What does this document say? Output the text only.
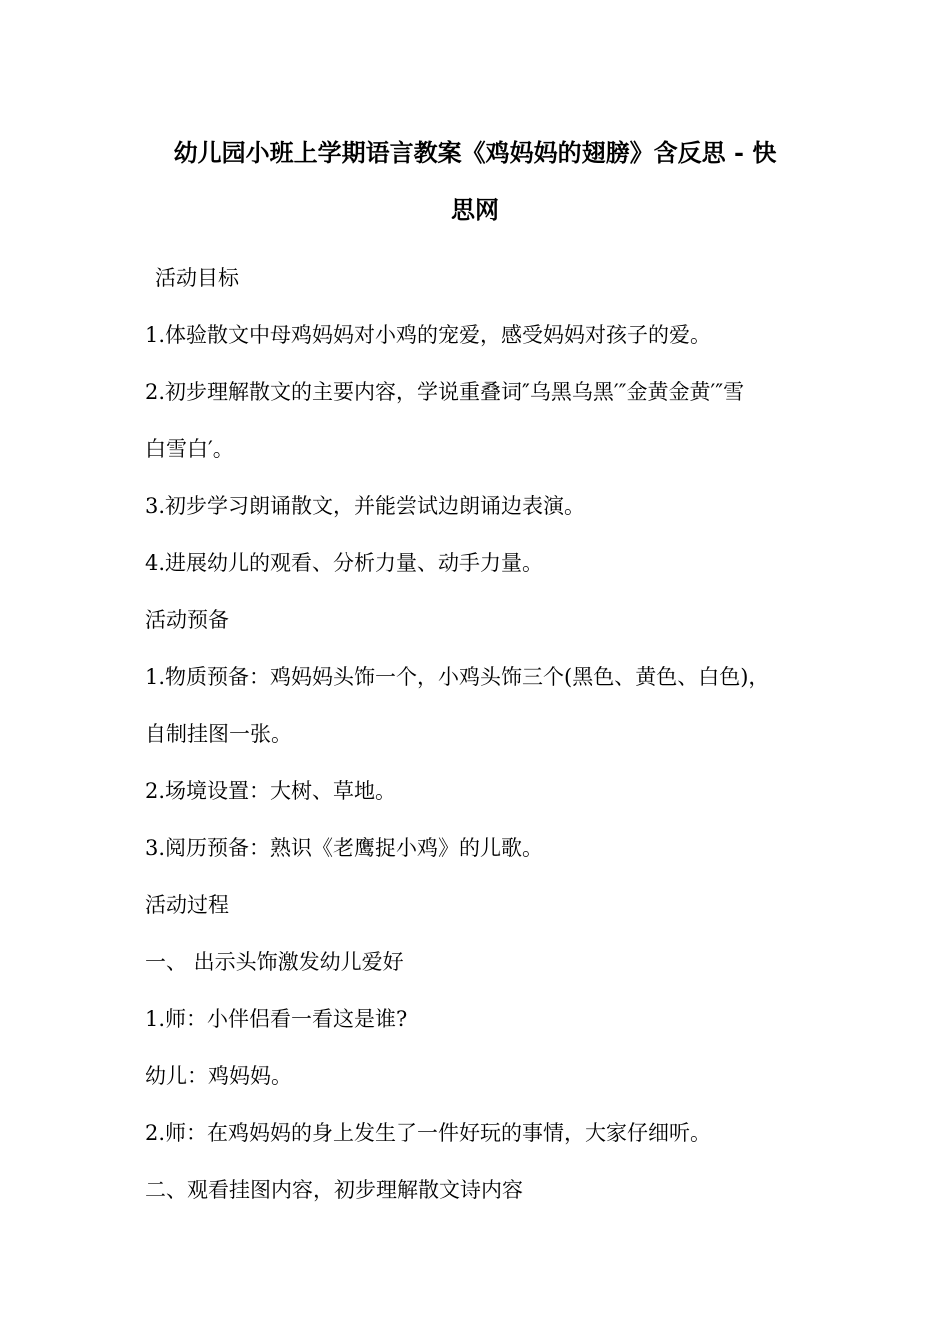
幼儿园小班上学期语言教案《鸡妈妈的翅膀》含反思 - 快
思网
活动目标
1.体验散文中母鸡妈妈对小鸡的宠爱，感受妈妈对孩子的爱。
2.初步理解散文的主要内容，学说重叠词″乌黑乌黑′″金黄金黄′″雪
白雪白′。
3.初步学习朗诵散文，并能尝试边朗诵边表演。
4.进展幼儿的观看、分析力量、动手力量。
活动预备
1.物质预备：鸡妈妈头饰一个，小鸡头饰三个(黑色、黄色、白色)，
自制挂图一张。
2.场境设置：大树、草地。
3.阅历预备：熟识《老鹰捉小鸡》的儿歌。
活动过程
一、 出示头饰激发幼儿爱好
1.师：小伴侣看一看这是谁?
幼儿：鸡妈妈。
2.师：在鸡妈妈的身上发生了一件好玩的事情，大家仔细听。
二、观看挂图内容，初步理解散文诗内容
